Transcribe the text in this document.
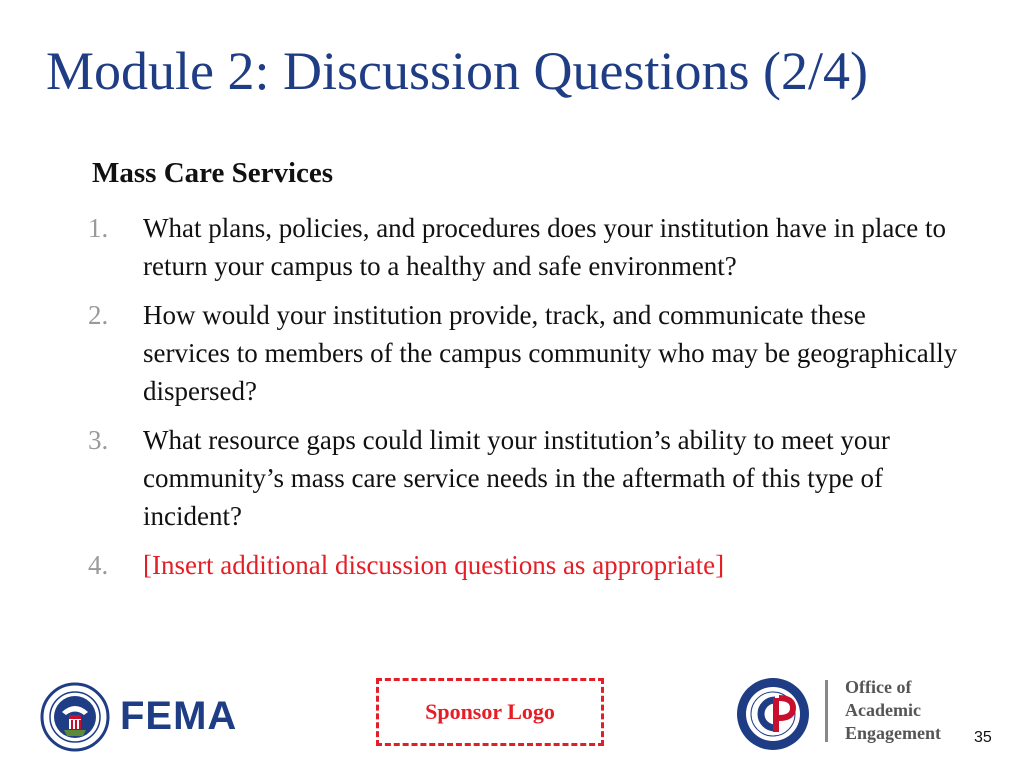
Module 2: Discussion Questions (2/4)
Mass Care Services
1. What plans, policies, and procedures does your institution have in place to return your campus to a healthy and safe environment?
2. How would your institution provide, track, and communicate these services to members of the campus community who may be geographically dispersed?
3. What resource gaps could limit your institution’s ability to meet your community’s mass care service needs in the aftermath of this type of incident?
4. [Insert additional discussion questions as appropriate]
FEMA	Sponsor Logo
Office of
Academic
Engagement 35
